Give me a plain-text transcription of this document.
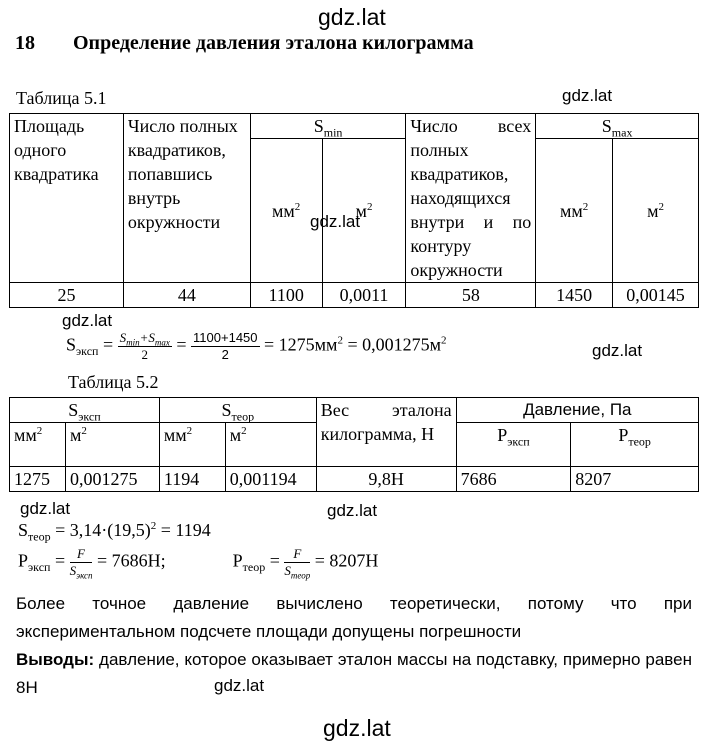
gdz.lat
gdz.lat
gdz.lat
gdz.lat
gdz.lat
gdz.lat	gdz.lat
gdz.lat
gdz.lat
18 Определение давления эталона килограмма
Таблица 5.1
Площадь одного квадратика	Число полных квадратиков, попавшись внутрь окружности	$S_{min}$		Число всех полных квадратиков, находящихся внутри и по контуру окружности	$S_{max}$
		$мм^2$	$м^2$		$мм^2$	$м^2$
25	44	1100	0,0011	58	1450	0,00145
$S_{эксп} = \frac{S_{min}+S_{max}}{2} = \frac{1100+1450}{2} = 1275мм^2 = 0,001275м^2$
Таблица 5.2
$S_{эксп}$		$S_{теор}$		Вес эталона килограмма, Н	Давление, Па	
$мм^2$	$м^2$	$мм^2$	$м^2$		$P_{эксп}$	$P_{теор}$
1275	0,001275	1194	0,001194	9,8Н	7686	8207
$S_{теор} = 3,14\cdot(19,5)^2 = 1194$
$P_{эксп} = \frac{F}{S_{эксп}} = 7686Н$;	$P_{теор} = \frac{F}{S_{теор}} = 8207Н$
Более точное давление вычислено теоретически, потому что при экспериментальном подсчете площади допущены погрешности
Выводы: давление, которое оказывает эталон массы на подставку, примерно равен 8Н
